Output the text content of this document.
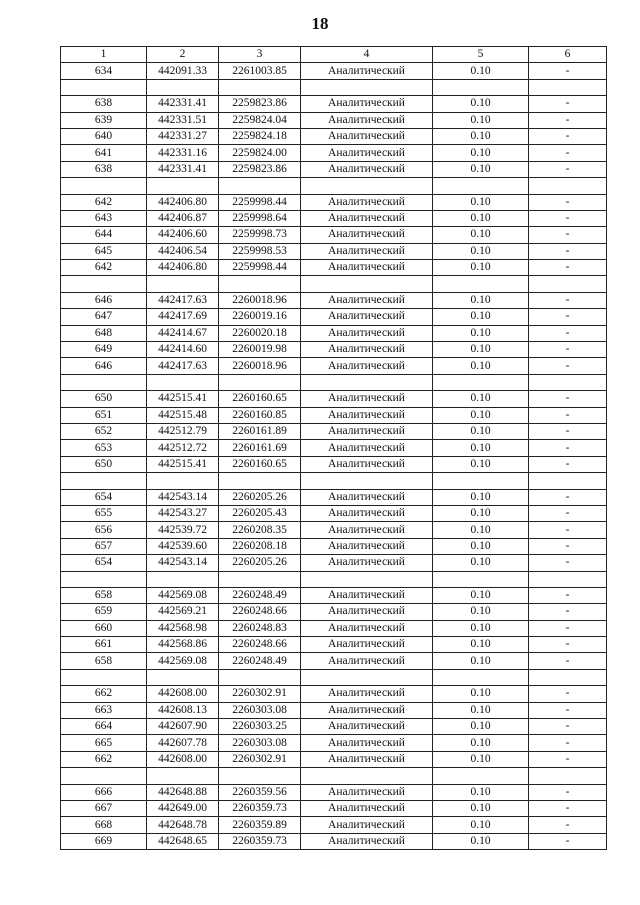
18
1	2	3	4	5	6
634	442091.33	2261003.85	Аналитический	0.10	-

638	442331.41	2259823.86	Аналитический	0.10	-
639	442331.51	2259824.04	Аналитический	0.10	-
640	442331.27	2259824.18	Аналитический	0.10	-
641	442331.16	2259824.00	Аналитический	0.10	-
638	442331.41	2259823.86	Аналитический	0.10	-

642	442406.80	2259998.44	Аналитический	0.10	-
643	442406.87	2259998.64	Аналитический	0.10	-
644	442406.60	2259998.73	Аналитический	0.10	-
645	442406.54	2259998.53	Аналитический	0.10	-
642	442406.80	2259998.44	Аналитический	0.10	-

646	442417.63	2260018.96	Аналитический	0.10	-
647	442417.69	2260019.16	Аналитический	0.10	-
648	442414.67	2260020.18	Аналитический	0.10	-
649	442414.60	2260019.98	Аналитический	0.10	-
646	442417.63	2260018.96	Аналитический	0.10	-

650	442515.41	2260160.65	Аналитический	0.10	-
651	442515.48	2260160.85	Аналитический	0.10	-
652	442512.79	2260161.89	Аналитический	0.10	-
653	442512.72	2260161.69	Аналитический	0.10	-
650	442515.41	2260160.65	Аналитический	0.10	-

654	442543.14	2260205.26	Аналитический	0.10	-
655	442543.27	2260205.43	Аналитический	0.10	-
656	442539.72	2260208.35	Аналитический	0.10	-
657	442539.60	2260208.18	Аналитический	0.10	-
654	442543.14	2260205.26	Аналитический	0.10	-

658	442569.08	2260248.49	Аналитический	0.10	-
659	442569.21	2260248.66	Аналитический	0.10	-
660	442568.98	2260248.83	Аналитический	0.10	-
661	442568.86	2260248.66	Аналитический	0.10	-
658	442569.08	2260248.49	Аналитический	0.10	-

662	442608.00	2260302.91	Аналитический	0.10	-
663	442608.13	2260303.08	Аналитический	0.10	-
664	442607.90	2260303.25	Аналитический	0.10	-
665	442607.78	2260303.08	Аналитический	0.10	-
662	442608.00	2260302.91	Аналитический	0.10	-

666	442648.88	2260359.56	Аналитический	0.10	-
667	442649.00	2260359.73	Аналитический	0.10	-
668	442648.78	2260359.89	Аналитический	0.10	-
669	442648.65	2260359.73	Аналитический	0.10	-
